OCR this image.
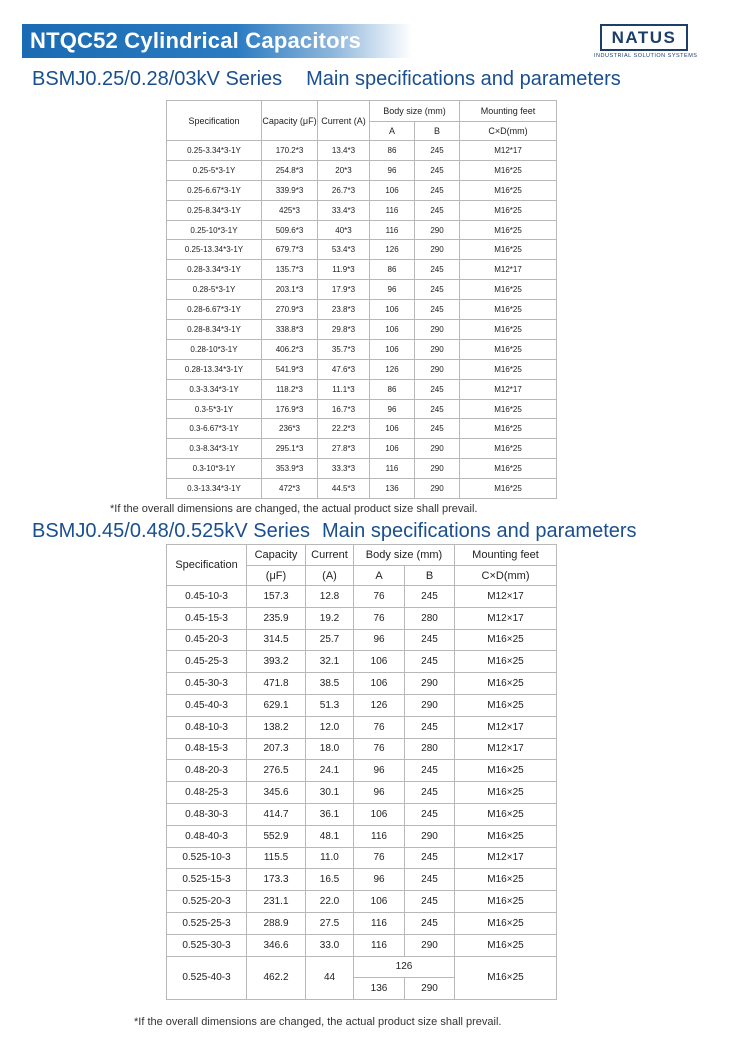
NTQC52 Cylindrical Capacitors	NATUS
INDUSTRIAL SOLUTION SYSTEMS
BSMJ0.25/0.28/03kV Series Main specifications and parameters
Specification	Capacity (μF)	Current (A)	Body size (mm)		Mounting feet
			A	B	C×D(mm)
0.25-3.34*3-1Y	170.2*3	13.4*3	86	245	M12*17
0.25-5*3-1Y	254.8*3	20*3	96	245	M16*25
0.25-6.67*3-1Y	339.9*3	26.7*3	106	245	M16*25
0.25-8.34*3-1Y	425*3	33.4*3	116	245	M16*25
0.25-10*3-1Y	509.6*3	40*3	116	290	M16*25
0.25-13.34*3-1Y	679.7*3	53.4*3	126	290	M16*25
0.28-3.34*3-1Y	135.7*3	11.9*3	86	245	M12*17
0.28-5*3-1Y	203.1*3	17.9*3	96	245	M16*25
0.28-6.67*3-1Y	270.9*3	23.8*3	106	245	M16*25
0.28-8.34*3-1Y	338.8*3	29.8*3	106	290	M16*25
0.28-10*3-1Y	406.2*3	35.7*3	106	290	M16*25
0.28-13.34*3-1Y	541.9*3	47.6*3	126	290	M16*25
0.3-3.34*3-1Y	118.2*3	11.1*3	86	245	M12*17
0.3-5*3-1Y	176.9*3	16.7*3	96	245	M16*25
0.3-6.67*3-1Y	236*3	22.2*3	106	245	M16*25
0.3-8.34*3-1Y	295.1*3	27.8*3	106	290	M16*25
0.3-10*3-1Y	353.9*3	33.3*3	116	290	M16*25
0.3-13.34*3-1Y	472*3	44.5*3	136	290	M16*25
*If the overall dimensions are changed, the actual product size shall prevail.
BSMJ0.45/0.48/0.525kV Series Main specifications and parameters
Specification	Capacity	Current	Body size (mm)		Mounting feet
	(μF)	(A)	A	B	C×D(mm)
0.45-10-3	157.3	12.8	76	245	M12×17
0.45-15-3	235.9	19.2	76	280	M12×17
0.45-20-3	314.5	25.7	96	245	M16×25
0.45-25-3	393.2	32.1	106	245	M16×25
0.45-30-3	471.8	38.5	106	290	M16×25
0.45-40-3	629.1	51.3	126	290	M16×25
0.48-10-3	138.2	12.0	76	245	M12×17
0.48-15-3	207.3	18.0	76	280	M12×17
0.48-20-3	276.5	24.1	96	245	M16×25
0.48-25-3	345.6	30.1	96	245	M16×25
0.48-30-3	414.7	36.1	106	245	M16×25
0.48-40-3	552.9	48.1	116	290	M16×25
0.525-10-3	115.5	11.0	76	245	M12×17
0.525-15-3	173.3	16.5	96	245	M16×25
0.525-20-3	231.1	22.0	106	245	M16×25
0.525-25-3	288.9	27.5	116	245	M16×25
0.525-30-3	346.6	33.0	116	290	M16×25
0.525-40-3	462.2	44	126		M16×25
			136	290	
*If the overall dimensions are changed, the actual product size shall prevail.
